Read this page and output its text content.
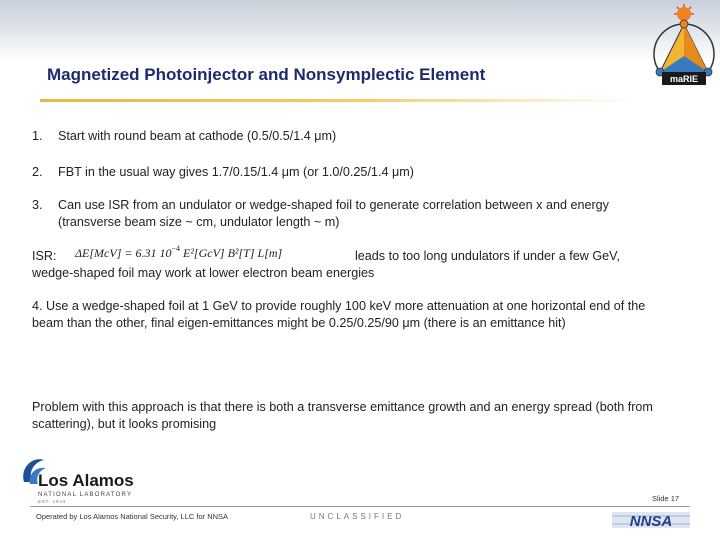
maRIE
Magnetized Photoinjector and Nonsymplectic Element
1.	Start with round beam at cathode (0.5/0.5/1.4 μm)
2.	FBT in the usual way gives 1.7/0.15/1.4 μm (or 1.0/0.25/1.4 μm)
3.	Can use ISR from an undulator or wedge-shaped foil to generate correlation between x and energy (transverse beam size ~ cm, undulator length ~ m)
ISR:	ΔE[McV] = 6.31 $10^{-4}$ E²[GcV] B²[T] L[m]	leads to too long undulators if under a few GeV,
wedge-shaped foil may work at lower electron beam energies
4. Use a wedge-shaped foil at 1 GeV to provide roughly 100 keV more attenuation at one horizontal end of the beam than the other, final eigen-emittances might be 0.25/0.25/90 μm (there is an emittance hit)
Problem with this approach is that there is both a transverse emittance growth and an energy spread (both from scattering), but it looks promising
Los Alamos
NATIONAL LABORATORY
EST. 1943	Slide 17
Operated by Los Alamos National Security, LLC for NNSA	UNCLASSIFIED	NNSA
